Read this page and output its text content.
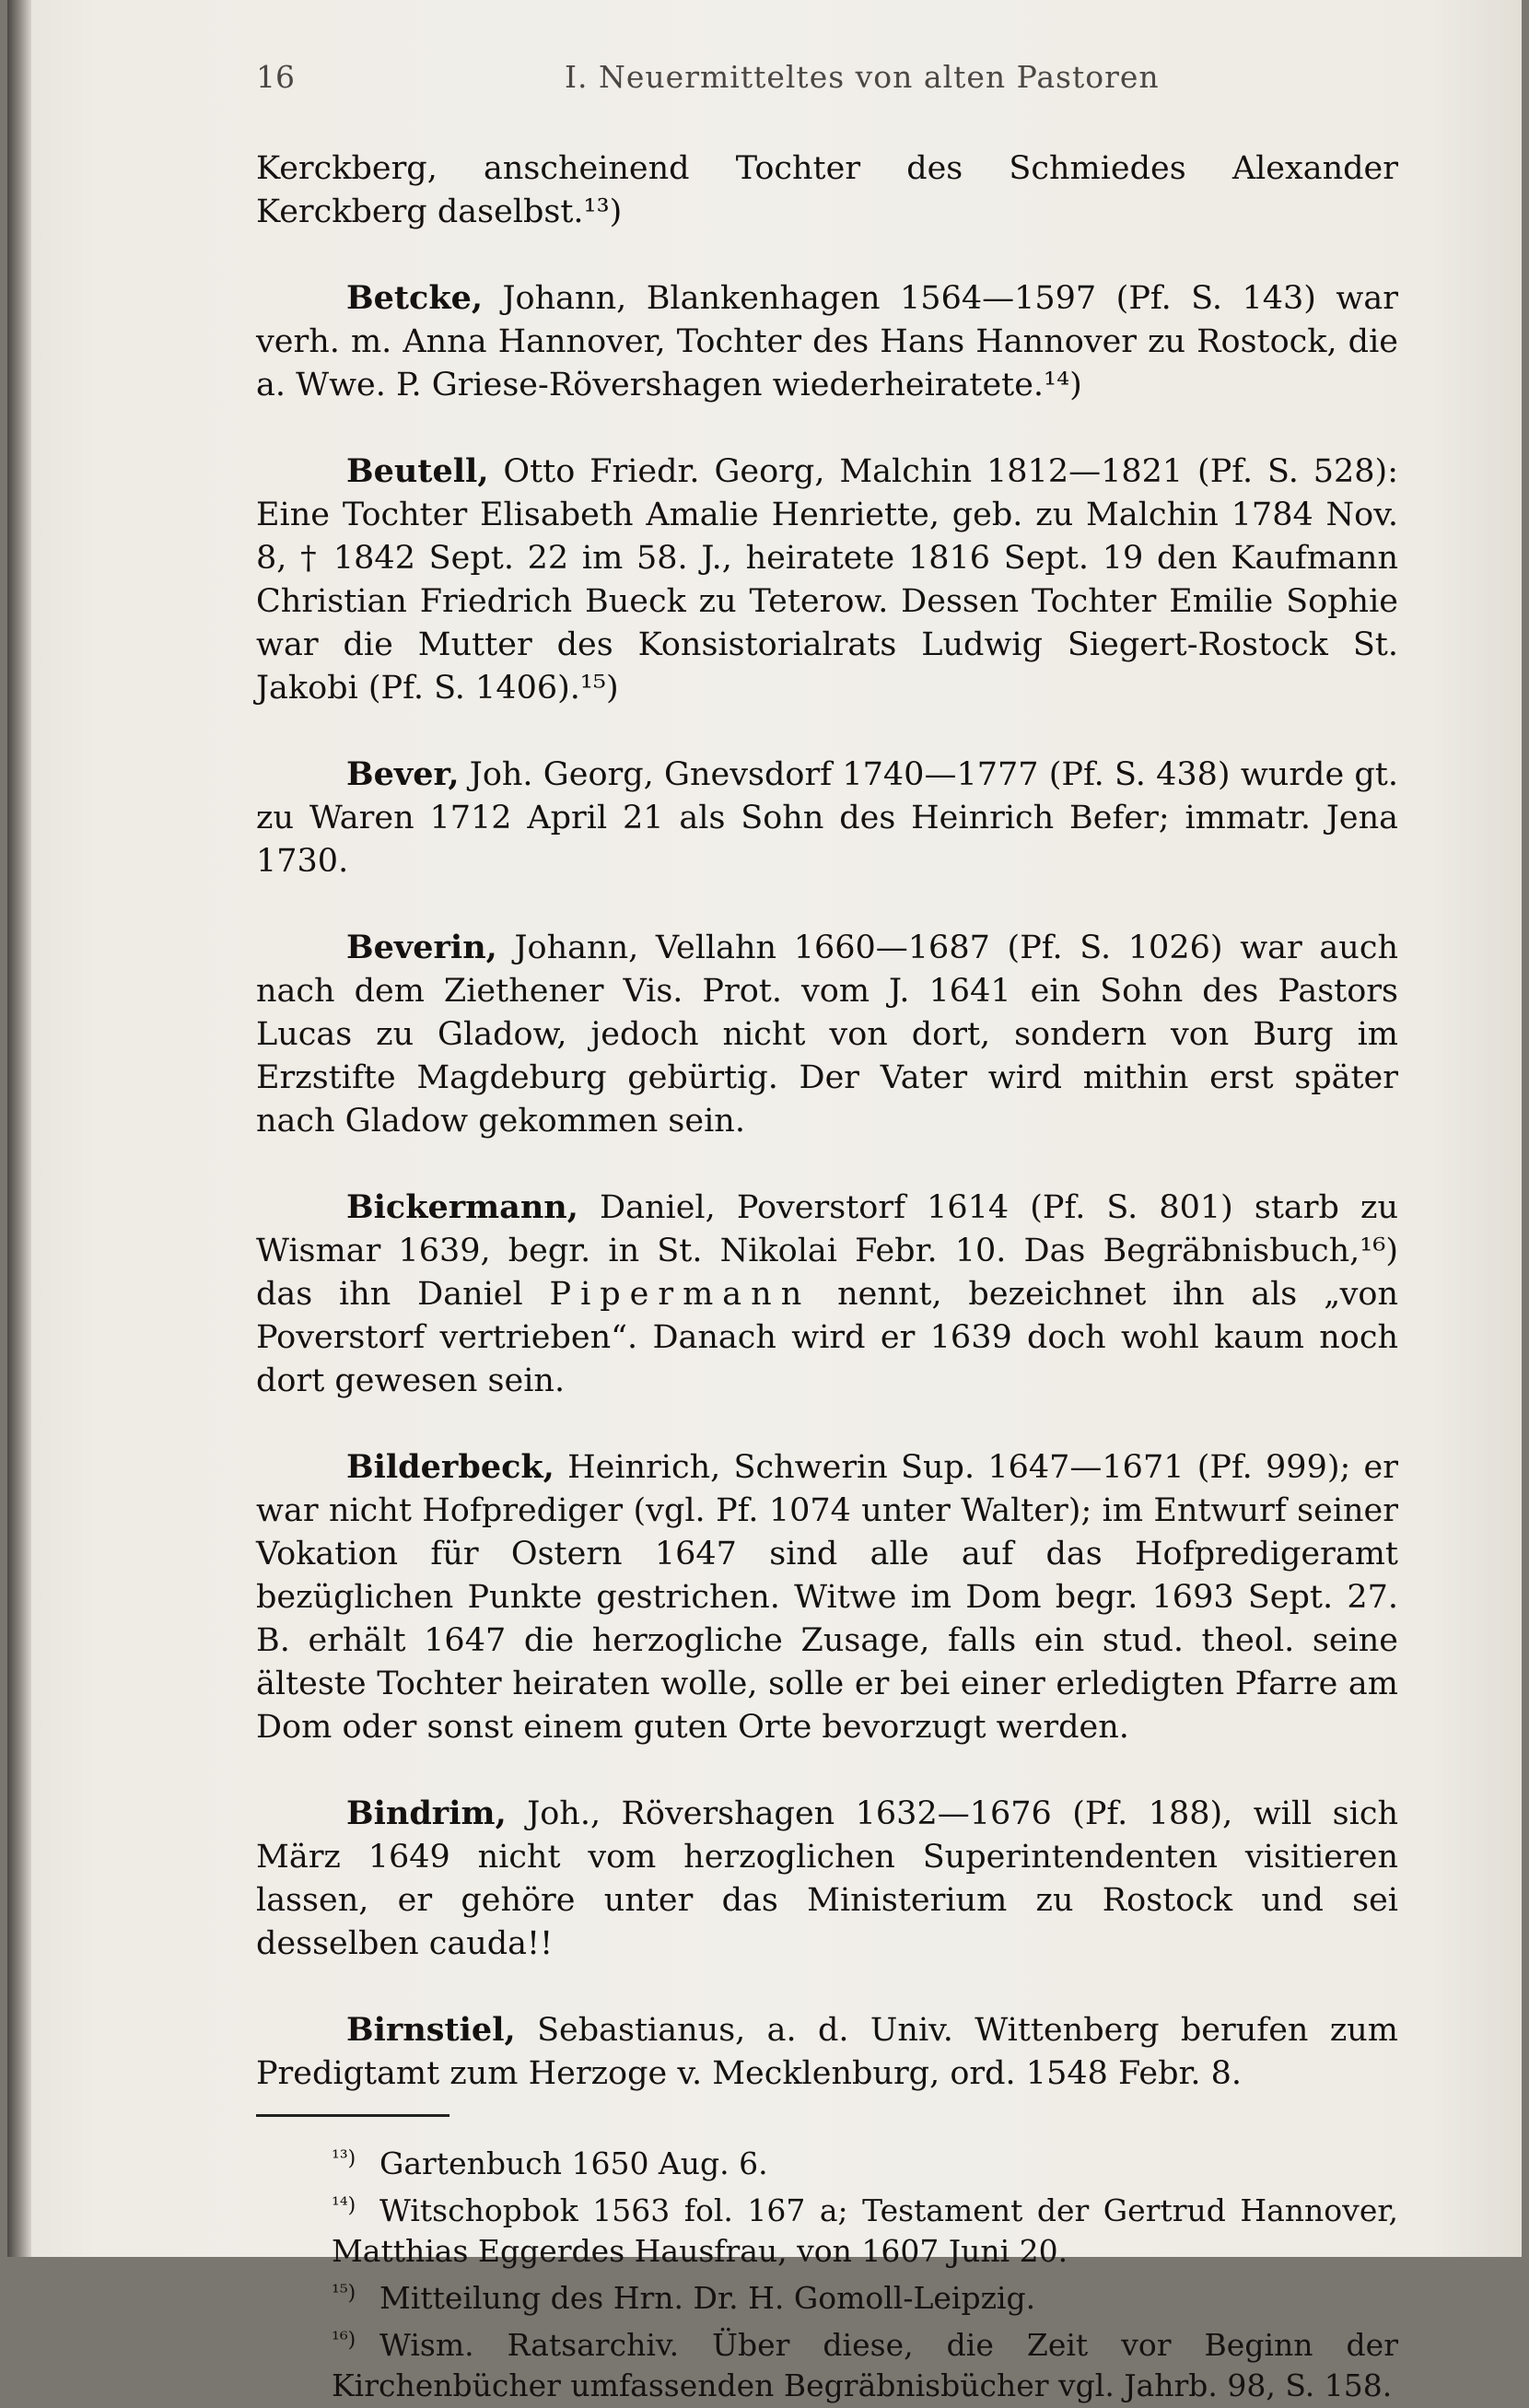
16	I. Neuermitteltes von alten Pastoren

Kerckberg, anscheinend Tochter des Schmiedes Alexander Kerckberg daselbst.¹³)

Betcke, Johann, Blankenhagen 1564—1597 (Pf. S. 143) war verh. m. Anna Hannover, Tochter des Hans Hannover zu Rostock, die a. Wwe. P. Griese-Rövershagen wiederheiratete.¹⁴)

Beutell, Otto Friedr. Georg, Malchin 1812—1821 (Pf. S. 528): Eine Tochter Elisabeth Amalie Henriette, geb. zu Malchin 1784 Nov. 8, † 1842 Sept. 22 im 58. J., heiratete 1816 Sept. 19 den Kaufmann Christian Friedrich Bueck zu Teterow. Dessen Tochter Emilie Sophie war die Mutter des Konsistorialrats Ludwig Siegert-Rostock St. Jakobi (Pf. S. 1406).¹⁵)

Bever, Joh. Georg, Gnevsdorf 1740—1777 (Pf. S. 438) wurde gt. zu Waren 1712 April 21 als Sohn des Heinrich Befer; immatr. Jena 1730.

Beverin, Johann, Vellahn 1660—1687 (Pf. S. 1026) war auch nach dem Ziethener Vis. Prot. vom J. 1641 ein Sohn des Pastors Lucas zu Gladow, jedoch nicht von dort, sondern von Burg im Erzstifte Magdeburg gebürtig. Der Vater wird mithin erst später nach Gladow gekommen sein.

Bickermann, Daniel, Poverstorf 1614 (Pf. S. 801) starb zu Wismar 1639, begr. in St. Nikolai Febr. 10. Das Begräbnisbuch,¹⁶) das ihn Daniel Pipermann nennt, bezeichnet ihn als „von Poverstorf vertrieben“. Danach wird er 1639 doch wohl kaum noch dort gewesen sein.

Bilderbeck, Heinrich, Schwerin Sup. 1647—1671 (Pf. 999); er war nicht Hofprediger (vgl. Pf. 1074 unter Walter); im Entwurf seiner Vokation für Ostern 1647 sind alle auf das Hofpredigeramt bezüglichen Punkte gestrichen. Witwe im Dom begr. 1693 Sept. 27. B. erhält 1647 die herzogliche Zusage, falls ein stud. theol. seine älteste Tochter heiraten wolle, solle er bei einer erledigten Pfarre am Dom oder sonst einem guten Orte bevorzugt werden.

Bindrim, Joh., Rövershagen 1632—1676 (Pf. 188), will sich März 1649 nicht vom herzoglichen Superintendenten visitieren lassen, er gehöre unter das Ministerium zu Rostock und sei desselben cauda!!

Birnstiel, Sebastianus, a. d. Univ. Wittenberg berufen zum Predigtamt zum Herzoge v. Mecklenburg, ord. 1548 Febr. 8.

¹³) Gartenbuch 1650 Aug. 6.

¹⁴) Witschopbok 1563 fol. 167 a; Testament der Gertrud Hannover, Matthias Eggerdes Hausfrau, von 1607 Juni 20.

¹⁵) Mitteilung des Hrn. Dr. H. Gomoll-Leipzig.

¹⁶) Wism. Ratsarchiv. Über diese, die Zeit vor Beginn der Kirchenbücher umfassenden Begräbnisbücher vgl. Jahrb. 98, S. 158.
